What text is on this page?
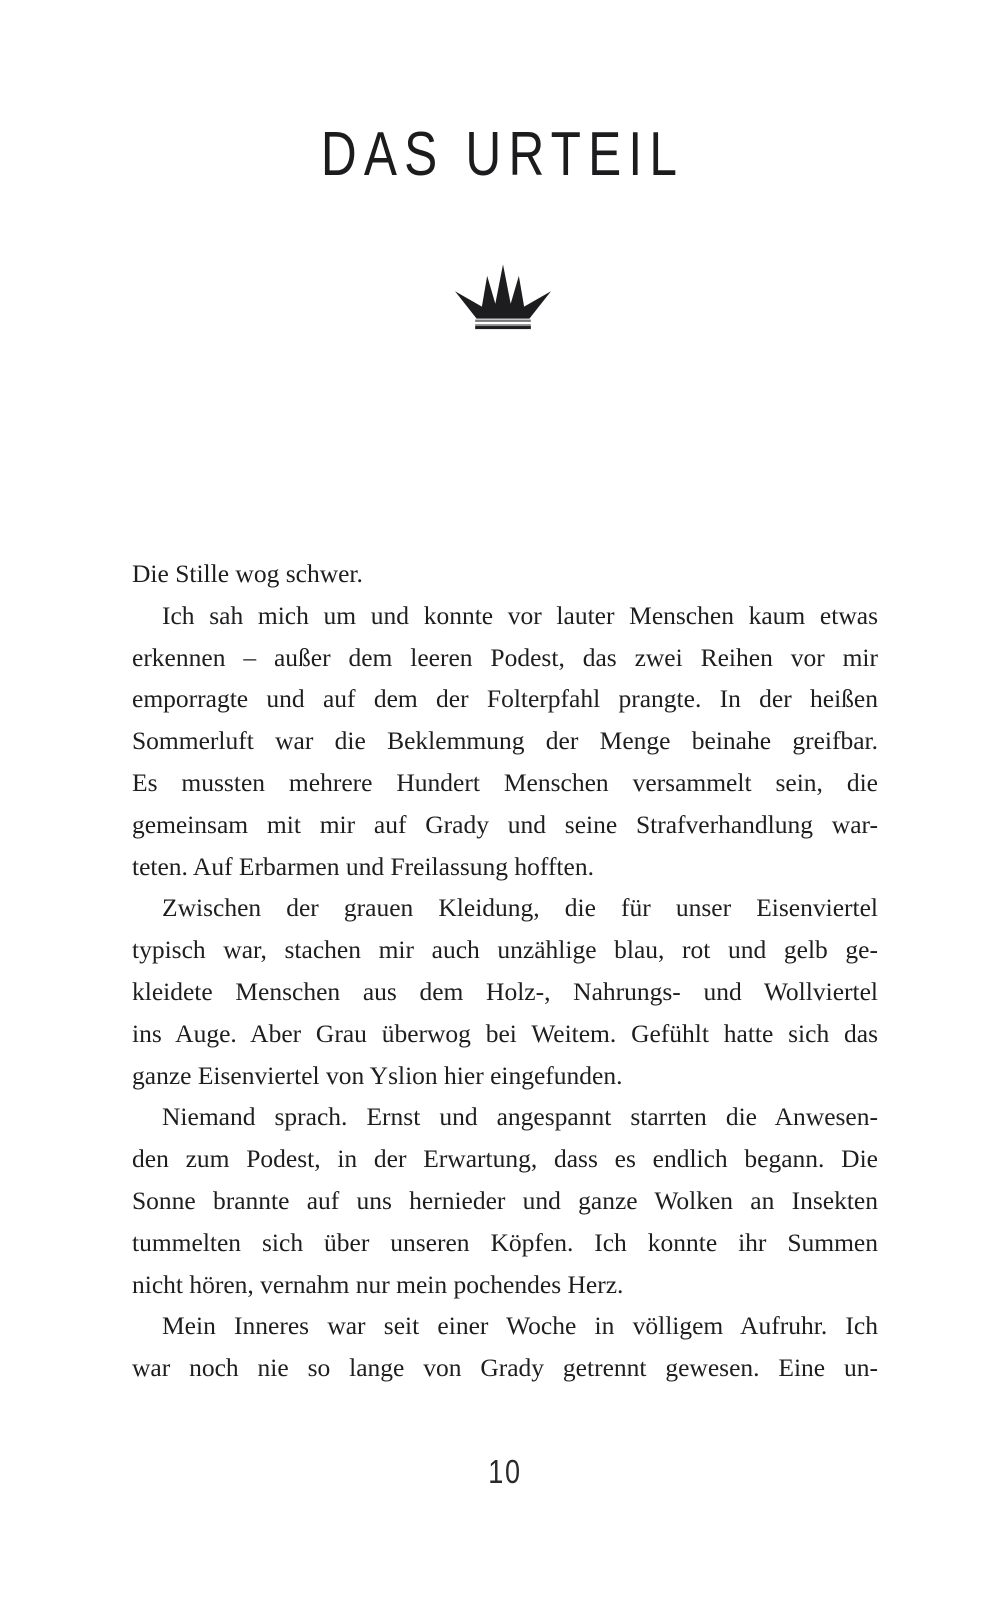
DAS URTEIL
Die Stille wog schwer.
Ich sah mich um und konnte vor lauter Menschen kaum etwas
erkennen – außer dem leeren Podest, das zwei Reihen vor mir
emporragte und auf dem der Folterpfahl prangte. In der heißen
Sommerluft war die Beklemmung der Menge beinahe greifbar.
Es mussten mehrere Hundert Menschen versammelt sein, die
gemeinsam mit mir auf Grady und seine Strafverhandlung war-
teten. Auf Erbarmen und Freilassung hofften.
Zwischen der grauen Kleidung, die für unser Eisenviertel
typisch war, stachen mir auch unzählige blau, rot und gelb ge-
kleidete Menschen aus dem Holz-, Nahrungs- und Wollviertel
ins Auge. Aber Grau überwog bei Weitem. Gefühlt hatte sich das
ganze Eisenviertel von Yslion hier eingefunden.
Niemand sprach. Ernst und angespannt starrten die Anwesen-
den zum Podest, in der Erwartung, dass es endlich begann. Die
Sonne brannte auf uns hernieder und ganze Wolken an Insekten
tummelten sich über unseren Köpfen. Ich konnte ihr Summen
nicht hören, vernahm nur mein pochendes Herz.
Mein Inneres war seit einer Woche in völligem Aufruhr. Ich
war noch nie so lange von Grady getrennt gewesen. Eine un-
10
